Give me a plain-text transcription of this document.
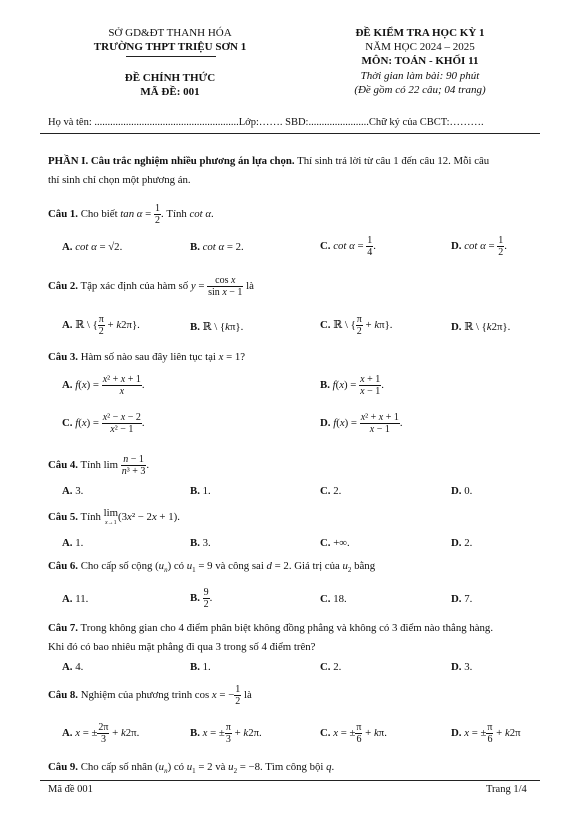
SỞ GD&ĐT THANH HÓA
TRƯỜNG THPT TRIỆU SƠN 1
ĐỀ CHÍNH THỨC
MÃ ĐỀ: 001
ĐỀ KIỂM TRA HỌC KỲ 1
NĂM HỌC 2024 – 2025
MÔN: TOÁN - KHỐI 11
Thời gian làm bài: 90 phút
(Đề gồm có 22 câu; 04 trang)
Họ và tên: .......................................................Lớp:……. SBD:.......................Chữ ký của CBCT:……….
PHẦN I. Câu trắc nghiệm nhiều phương án lựa chọn. Thí sinh trả lời từ câu 1 đến câu 12. Mỗi câu
thí sinh chỉ chọn một phương án.
Câu 1. Cho biết $\tan \alpha = \frac{1}{2}$ . Tính cot α.
A. cot α = √2.	B. cot α = 2.	C. $\cot \alpha = \frac{1}{4}$ .	D. $\cot \alpha = \frac{1}{2}$ .
Câu 2. Tập xác định của hàm số $y = \frac{\text{cos x}}{\text{sin x − 1}}$ là
A. ℝ \ { $\frac{\pi}{2} + k2\pi$}.	B. ℝ \ {kπ}.	C. ℝ \ { $\frac{\pi}{2} + k\pi$}.	D. ℝ \ {k2π}.
Câu 3. Hàm số nào sau đây liên tục tại x = 1?
A. $f(x) = \frac{\text{x² + x + 1}}{x}$ .	B. $f(x) = \frac{x + 1}{x - 1}$ .
C. $f(x) = \frac{\text{x² − x − 2}}{\text{x² − 1}}$ .	D. $f(x) = \frac{\text{x² + x + 1}}{x - 1}$ .
Câu 4. Tính $\lim \frac{n - 1}{\text{n³ + 3}}$ .
A. 3.	B. 1.	C. 2.	D. 0.
Câu 5. Tính lim
x→1(3x² − 2x + 1).
A. 1.	B. 3.	C. +∞.	D. 2.
Câu 6. Cho cấp số cộng $(u_n)$ có $u_1 = 9$ và công sai d = 2. Giá trị của $u_2$ bằng
A. 11.	B. $\frac{9}{2}$ .	C. 18.	D. 7.
Câu 7. Trong không gian cho 4 điểm phân biệt không đồng phẳng và không có 3 điểm nào thẳng hàng.
Khi đó có bao nhiêu mặt phẳng đi qua 3 trong số 4 điểm trên?
A. 4.	B. 1.	C. 2.	D. 3.
Câu 8. Nghiệm của phương trình cos x = − $\frac{1}{2}$ là
A. x = ± $\frac{2\pi}{3} + k2\pi$.	B. x = ± $\frac{\pi}{3} + k2\pi$.	C. x = ± $\frac{\pi}{6} + k\pi$.	D. x = ± $\frac{\pi}{6} + k2\pi$
Câu 9. Cho cấp số nhân $(u_n)$ có $u_1 = 2$ và $u_2 = -8$. Tìm công bội q.
Mã đề 001	Trang 1/4
